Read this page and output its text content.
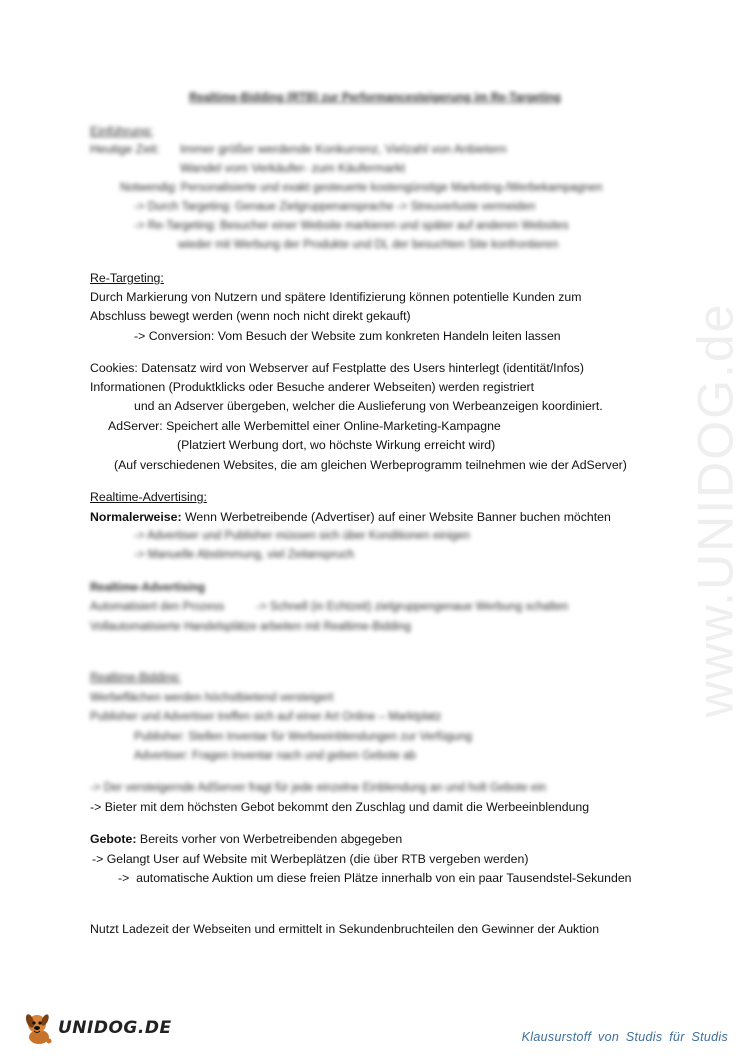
www.UNIDOG.de
Realtime-Bidding (RTB) zur Performancesteigerung im Re-Targeting
Einführung:
Heutige Zeit: Immer größer werdende Konkurrenz, Vielzahl von Anbietern
Wandel vom Verkäufer- zum Käufermarkt
Notwendig: Personalisierte und exakt gesteuerte kostengünstige Marketing-/Werbekampagnen
-> Durch Targeting: Genaue Zielgruppenansprache -> Streuverluste vermeiden
-> Re-Targeting: Besucher einer Website markieren und später auf anderen Websites
wieder mit Werbung der Produkte und DL der besuchten Site konfrontieren
Re-Targeting:
Durch Markierung von Nutzern und spätere Identifizierung können potentielle Kunden zum
Abschluss bewegt werden (wenn noch nicht direkt gekauft)
-> Conversion: Vom Besuch der Website zum konkreten Handeln leiten lassen
Cookies: Datensatz wird von Webserver auf Festplatte des Users hinterlegt (identität/Infos)
Informationen (Produktklicks oder Besuche anderer Webseiten) werden registriert
und an Adserver übergeben, welcher die Auslieferung von Werbeanzeigen koordiniert.
AdServer: Speichert alle Werbemittel einer Online-Marketing-Kampagne
(Platziert Werbung dort, wo höchste Wirkung erreicht wird)
(Auf verschiedenen Websites, die am gleichen Werbeprogramm teilnehmen wie der AdServer)
Realtime-Advertising:
Normalerweise: Wenn Werbetreibende (Advertiser) auf einer Website Banner buchen möchten
-> Advertiser und Publisher müssen sich über Konditionen einigen
-> Manuelle Abstimmung, viel Zeitanspruch
Realtime-Advertising
Automatisiert den Prozess          -> Schnell (in Echtzeit) zielgruppengenaue Werbung schalten
Vollautomatisierte Handelsplätze arbeiten mit Realtime-Bidding
Realtime-Bidding:
Werbeflächen werden höchstbietend versteigert
Publisher und Advertiser treffen sich auf einer Art Online – Marktplatz
Publisher: Stellen Inventar für Werbeeinblendungen zur Verfügung
Advertiser: Fragen Inventar nach und geben Gebote ab
-> Der versteigernde AdServer fragt für jede einzelne Einblendung an und holt Gebote ein
-> Bieter mit dem höchsten Gebot bekommt den Zuschlag und damit die Werbeeinblendung
Gebote: Bereits vorher von Werbetreibenden abgegeben
-> Gelangt User auf Website mit Werbeplätzen (die über RTB vergeben werden)
->  automatische Auktion um diese freien Plätze innerhalb von ein paar Tausendstel-Sekunden
Nutzt Ladezeit der Webseiten und ermittelt in Sekundenbruchteilen den Gewinner der Auktion
UNIDOG.DE	Klausurstoff von Studis für Studis
